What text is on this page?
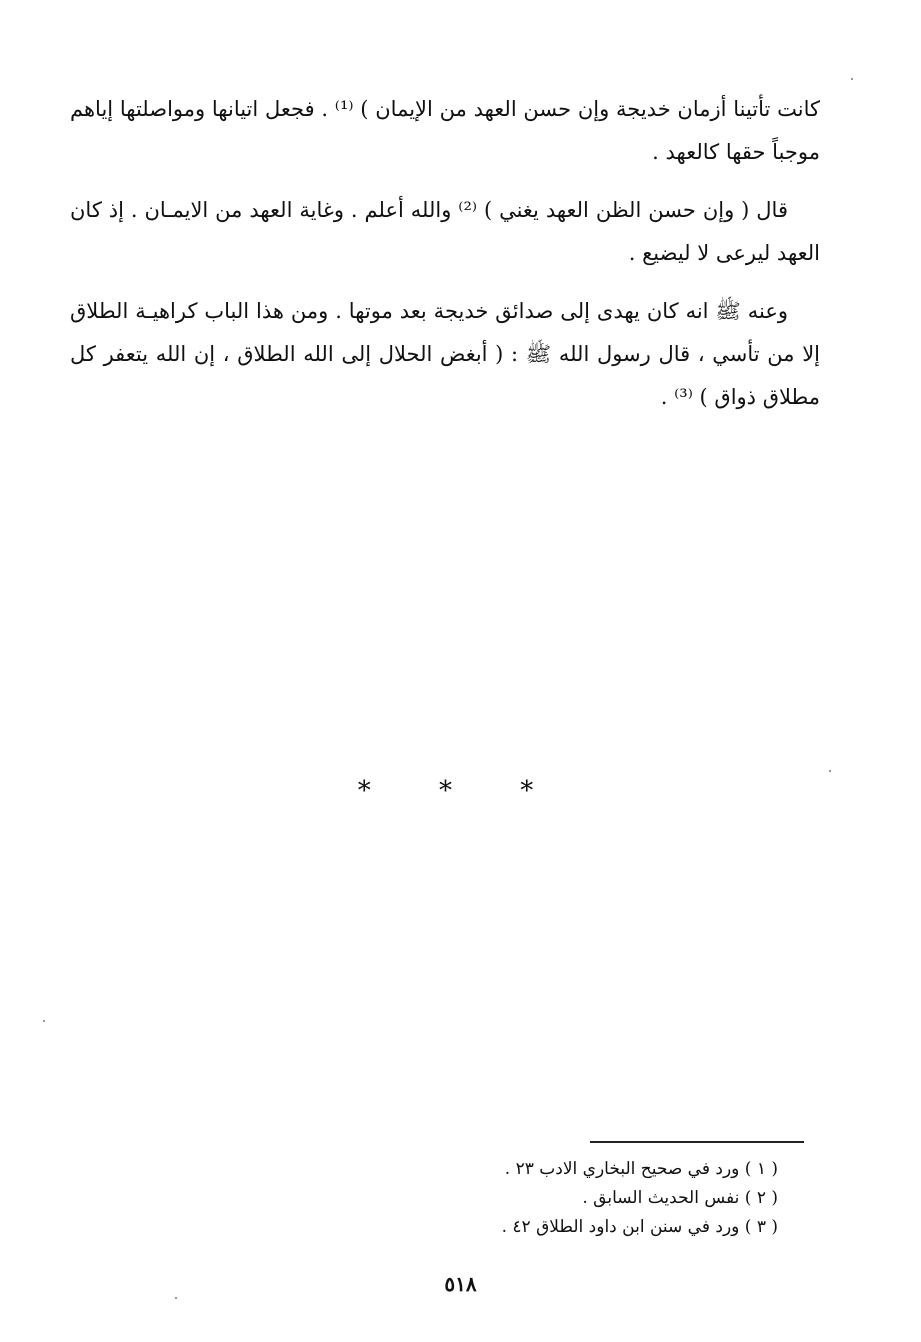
كانت تأتينا أزمان خديجة وإن حسن العهد من الإيمان ) ⁽¹⁾ . فجعل اتيانها ومواصلتها إياهم موجباً حقها كالعهد .

قال ( وإن حسن الظن العهد يغني ) ⁽²⁾ والله أعلم . وغاية العهد من الايمـان . إذ كان العهد ليرعى لا ليضيع .

وعنه ﷺ انه كان يهدى إلى صدائق خديجة بعد موتها . ومن هذا الباب كراهيـة الطلاق إلا من تأسي ، قال رسول الله ﷺ : ( أبغض الحلال إلى الله الطلاق ، إن الله يتعفر كل مطلاق ذواق ) ⁽³⁾ .

* * *
( ١ ) ورد في صحيح البخاري الادب ٢٣ .
( ٢ ) نفس الحديث السابق .
( ٣ ) ورد في سنن ابن داود الطلاق ٤٢ .
٥١٨
